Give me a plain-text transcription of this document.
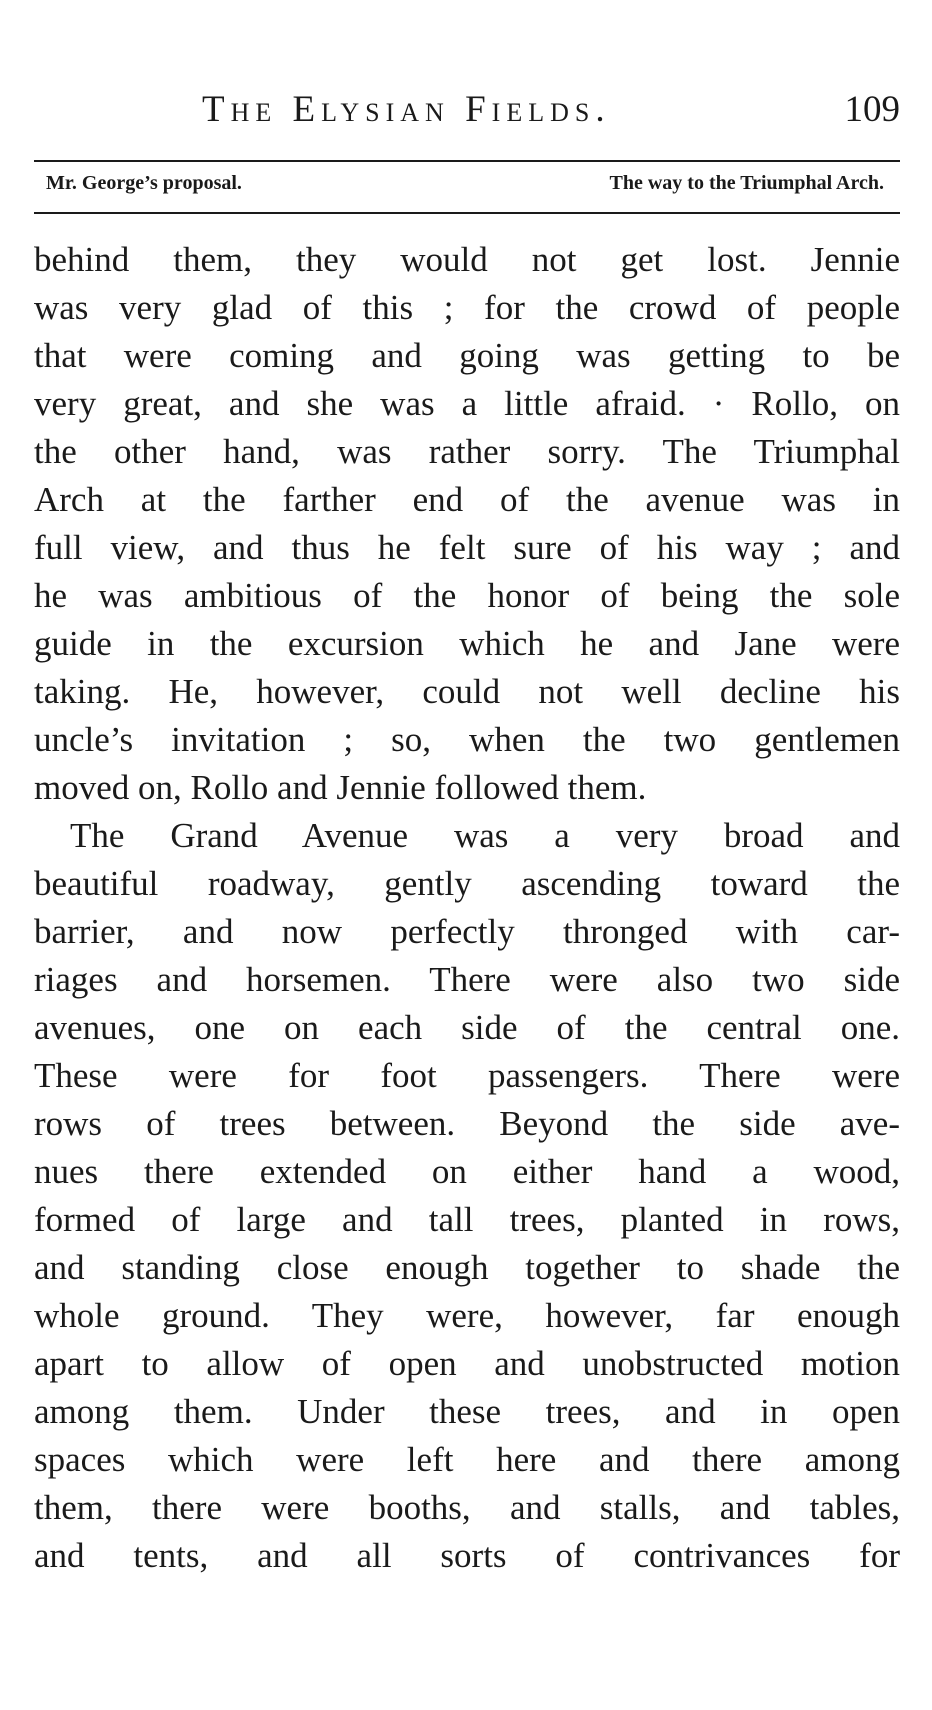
The Elysian Fields.	109
Mr. George’s proposal.	The way to the Triumphal Arch.
behind them, they would not get lost. Jennie
was very glad of this ; for the crowd of people
that were coming and going was getting to be
very great, and she was a little afraid. · Rollo, on
the other hand, was rather sorry. The Triumphal
Arch at the farther end of the avenue was in
full view, and thus he felt sure of his way ; and
he was ambitious of the honor of being the sole
guide in the excursion which he and Jane were
taking. He, however, could not well decline his
uncle’s invitation ; so, when the two gentlemen
moved on, Rollo and Jennie followed them.
The Grand Avenue was a very broad and
beautiful roadway, gently ascending toward the
barrier, and now perfectly thronged with car-
riages and horsemen. There were also two side
avenues, one on each side of the central one.
These were for foot passengers. There were
rows of trees between. Beyond the side ave-
nues there extended on either hand a wood,
formed of large and tall trees, planted in rows,
and standing close enough together to shade the
whole ground. They were, however, far enough
apart to allow of open and unobstructed motion
among them. Under these trees, and in open
spaces which were left here and there among
them, there were booths, and stalls, and tables,
and tents, and all sorts of contrivances for
